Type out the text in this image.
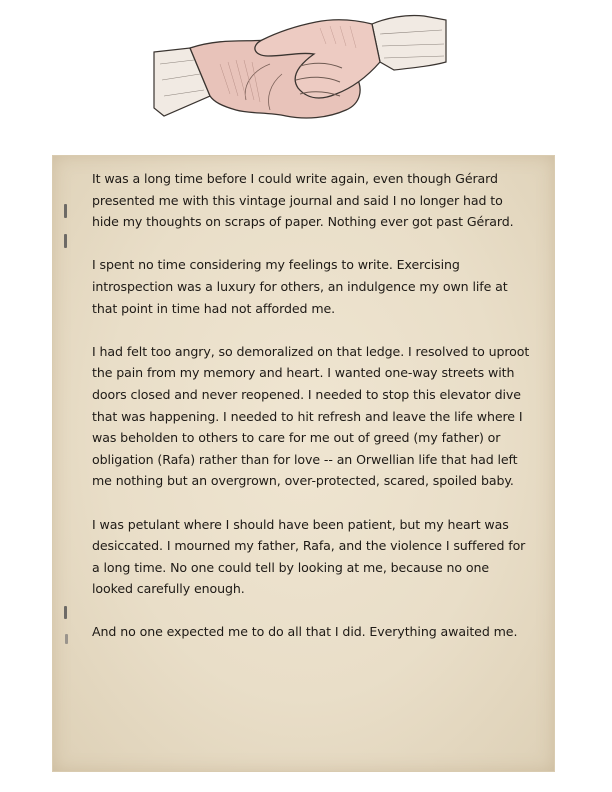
It was a long time before I could write again, even though Gérard presented me with this vintage journal and said I no longer had to hide my thoughts on scraps of paper. Nothing ever got past Gérard.

I spent no time considering my feelings to write. Exercising introspection was a luxury for others, an indulgence my own life at that point in time had not afforded me.

I had felt too angry, so demoralized on that ledge. I resolved to uproot the pain from my memory and heart. I wanted one-way streets with doors closed and never reopened. I needed to stop this elevator dive that was happening. I needed to hit refresh and leave the life where I was beholden to others to care for me out of greed (my father) or obligation (Rafa) rather than for love -- an Orwellian life that had left me nothing but an overgrown, over-protected, scared, spoiled baby.

I was petulant where I should have been patient, but my heart was desiccated. I mourned my father, Rafa, and the violence I suffered for a long time. No one could tell by looking at me, because no one looked carefully enough.

And no one expected me to do all that I did. Everything awaited me.
